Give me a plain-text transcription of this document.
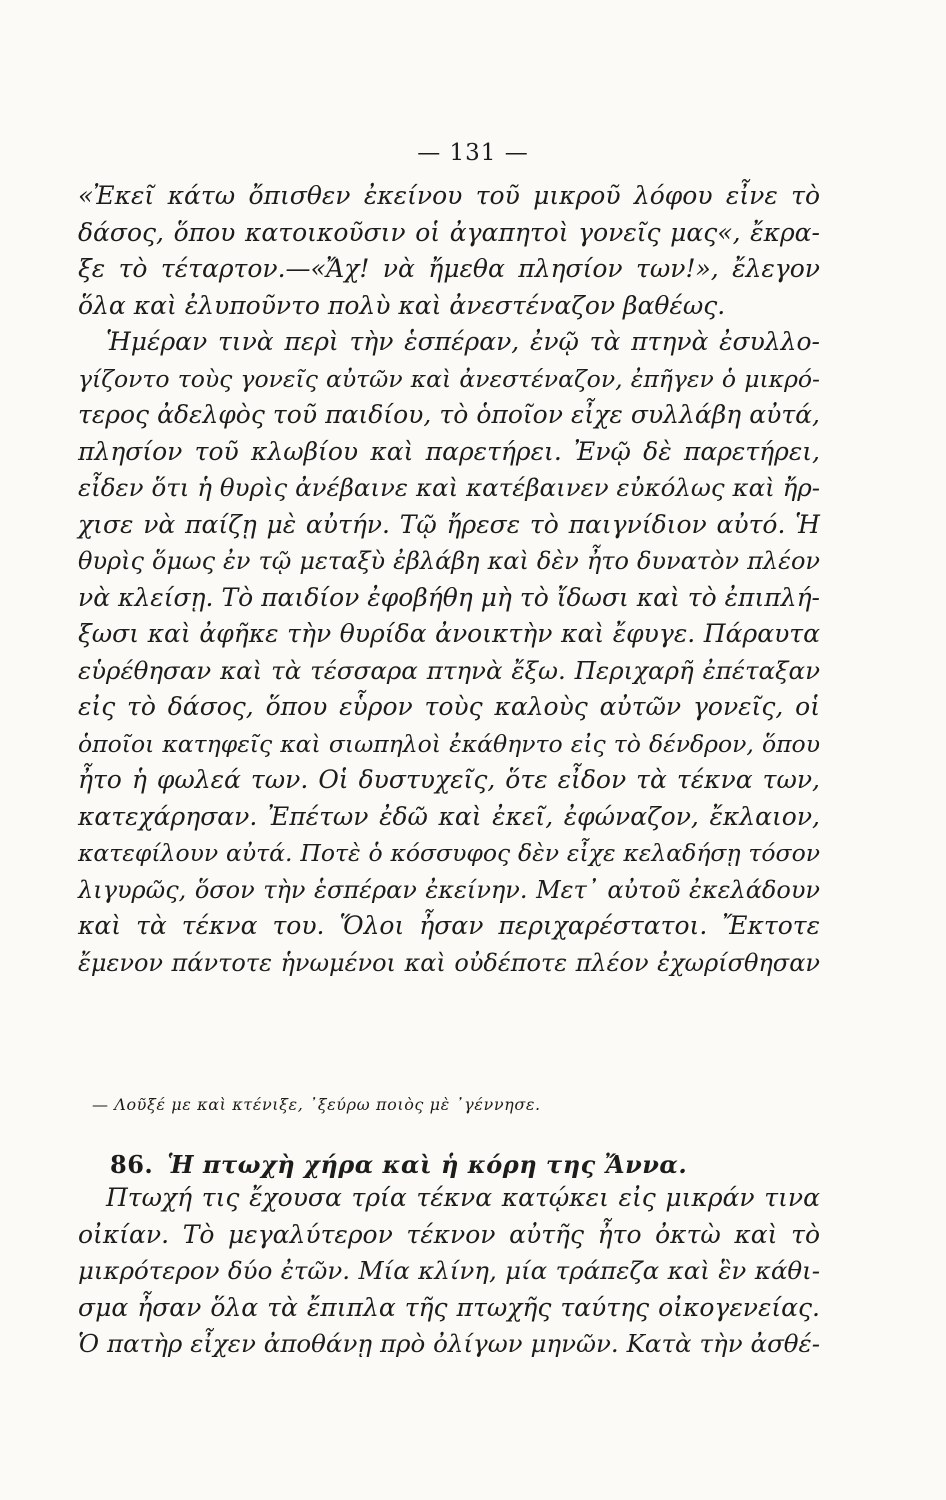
— 131 —
«Ἐκεῖ κάτω ὄπισθεν ἐκείνου τοῦ μικροῦ λόφου εἶνε τὸ
δάσος, ὅπου κατοικοῦσιν οἱ ἀγαπητοὶ γονεῖς μας«, ἔκρα-
ξε τὸ τέταρτον.—«Ἄχ! νὰ ἤμεθα πλησίον των!», ἔλεγον
ὅλα καὶ ἐλυποῦντο πολὺ καὶ ἀνεστέναζον βαθέως.
Ἡμέραν τινὰ περὶ τὴν ἑσπέραν, ἐνῷ τὰ πτηνὰ ἐσυλλο-
γίζοντο τοὺς γονεῖς αὐτῶν καὶ ἀνεστέναζον, ἐπῆγεν ὁ μικρό-
τερος ἀδελφὸς τοῦ παιδίου, τὸ ὁποῖον εἶχε συλλάβη αὐτά,
πλησίον τοῦ κλωβίου καὶ παρετήρει. Ἐνῷ δὲ παρετήρει,
εἶδεν ὅτι ἡ θυρὶς ἀνέβαινε καὶ κατέβαινεν εὐκόλως καὶ ἤρ-
χισε νὰ παίζῃ μὲ αὐτήν. Τῷ ἤρεσε τὸ παιγνίδιον αὐτό. Ἡ
θυρὶς ὅμως ἐν τῷ μεταξὺ ἐβλάβη καὶ δὲν ἦτο δυνατὸν πλέον
νὰ κλείσῃ. Τὸ παιδίον ἐφοβήθη μὴ τὸ ἴδωσι καὶ τὸ ἐπιπλή-
ξωσι καὶ ἀφῆκε τὴν θυρίδα ἀνοικτὴν καὶ ἔφυγε. Πάραυτα
εὑρέθησαν καὶ τὰ τέσσαρα πτηνὰ ἔξω. Περιχαρῆ ἐπέταξαν
εἰς τὸ δάσος, ὅπου εὗρον τοὺς καλοὺς αὐτῶν γονεῖς, οἱ
ὁποῖοι κατηφεῖς καὶ σιωπηλοὶ ἐκάθηντο εἰς τὸ δένδρον, ὅπου
ἦτο ἡ φωλεά των. Οἱ δυστυχεῖς, ὅτε εἶδον τὰ τέκνα των,
κατεχάρησαν. Ἐπέτων ἐδῶ καὶ ἐκεῖ, ἐφώναζον, ἔκλαιον,
κατεφίλουν αὐτά. Ποτὲ ὁ κόσσυφος δὲν εἶχε κελαδήσῃ τόσον
λιγυρῶς, ὅσον τὴν ἑσπέραν ἐκείνην. Μετ᾽ αὐτοῦ ἐκελάδουν
καὶ τὰ τέκνα του. Ὅλοι ἦσαν περιχαρέστατοι. Ἔκτοτε
ἔμενον πάντοτε ἡνωμένοι καὶ οὐδέποτε πλέον ἐχωρίσθησαν
— Λοῦξέ με καὶ κτένιξε, ᾿ξεύρω ποιὸς μὲ ᾿γέννησε.
86. Ἡ πτωχὴ χήρα καὶ ἡ κόρη της Ἄννα.
Πτωχή τις ἔχουσα τρία τέκνα κατῴκει εἰς μικράν τινα
οἰκίαν. Τὸ μεγαλύτερον τέκνον αὐτῆς ἦτο ὀκτὼ καὶ τὸ
μικρότερον δύο ἐτῶν. Μία κλίνη, μία τράπεζα καὶ ἓν κάθι-
σμα ἦσαν ὅλα τὰ ἔπιπλα τῆς πτωχῆς ταύτης οἰκογενείας.
Ὁ πατὴρ εἶχεν ἀποθάνῃ πρὸ ὀλίγων μηνῶν. Κατὰ τὴν ἀσθέ-
